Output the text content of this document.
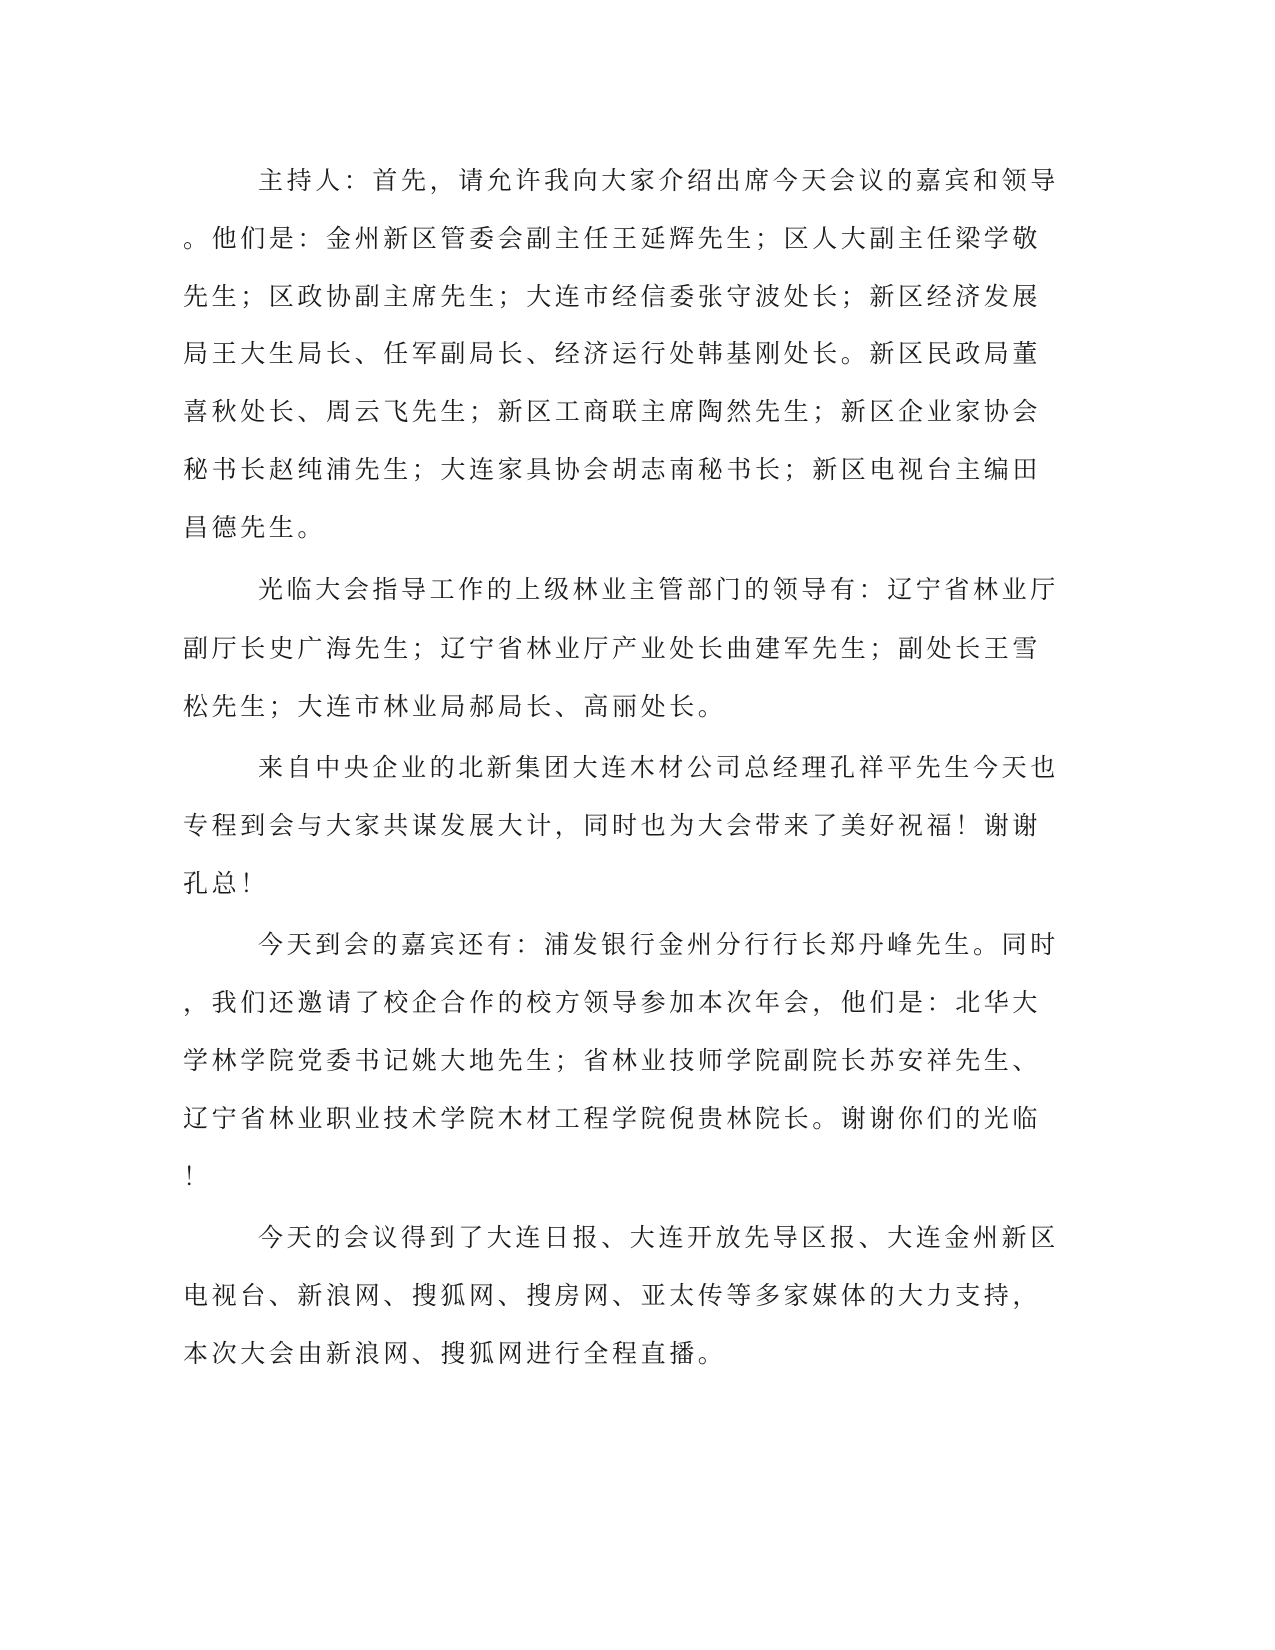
主持人：首先，请允许我向大家介绍出席今天会议的嘉宾和领导

。他们是：金州新区管委会副主任王延辉先生；区人大副主任梁学敬

先生；区政协副主席先生；大连市经信委张守波处长；新区经济发展

局王大生局长、任军副局长、经济运行处韩基刚处长。新区民政局董

喜秋处长、周云飞先生；新区工商联主席陶然先生；新区企业家协会

秘书长赵纯浦先生；大连家具协会胡志南秘书长；新区电视台主编田

昌德先生。

光临大会指导工作的上级林业主管部门的领导有：辽宁省林业厅

副厅长史广海先生；辽宁省林业厅产业处长曲建军先生；副处长王雪

松先生；大连市林业局郝局长、高丽处长。

来自中央企业的北新集团大连木材公司总经理孔祥平先生今天也

专程到会与大家共谋发展大计，同时也为大会带来了美好祝福！谢谢

孔总！

今天到会的嘉宾还有：浦发银行金州分行行长郑丹峰先生。同时

，我们还邀请了校企合作的校方领导参加本次年会，他们是：北华大

学林学院党委书记姚大地先生；省林业技师学院副院长苏安祥先生、

辽宁省林业职业技术学院木材工程学院倪贵林院长。谢谢你们的光临

！

今天的会议得到了大连日报、大连开放先导区报、大连金州新区

电视台、新浪网、搜狐网、搜房网、亚太传等多家媒体的大力支持，

本次大会由新浪网、搜狐网进行全程直播。
